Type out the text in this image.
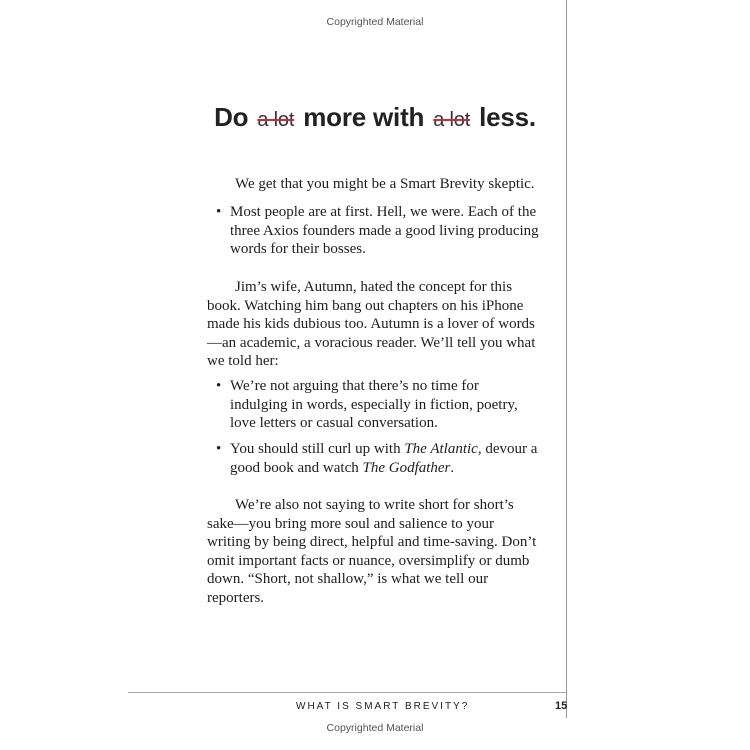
Copyrighted Material
Do a lot more with a lot less.

We get that you might be a Smart Brevity skeptic.

• Most people are at first. Hell, we were. Each of the three Axios founders made a good living producing words for their bosses.

Jim’s wife, Autumn, hated the concept for this book. Watching him bang out chapters on his iPhone made his kids dubious too. Autumn is a lover of words—an academic, a voracious reader. We’ll tell you what we told her:

• We’re not arguing that there’s no time for indulging in words, especially in fiction, poetry, love letters or casual conversation.
• You should still curl up with The Atlantic, devour a good book and watch The Godfather.

We’re also not saying to write short for short’s sake—you bring more soul and salience to your writing by being direct, helpful and time-saving. Don’t omit important facts or nuance, oversimplify or dumb down. “Short, not shallow,” is what we tell our reporters.

WHAT IS SMART BREVITY?	15
Copyrighted Material
